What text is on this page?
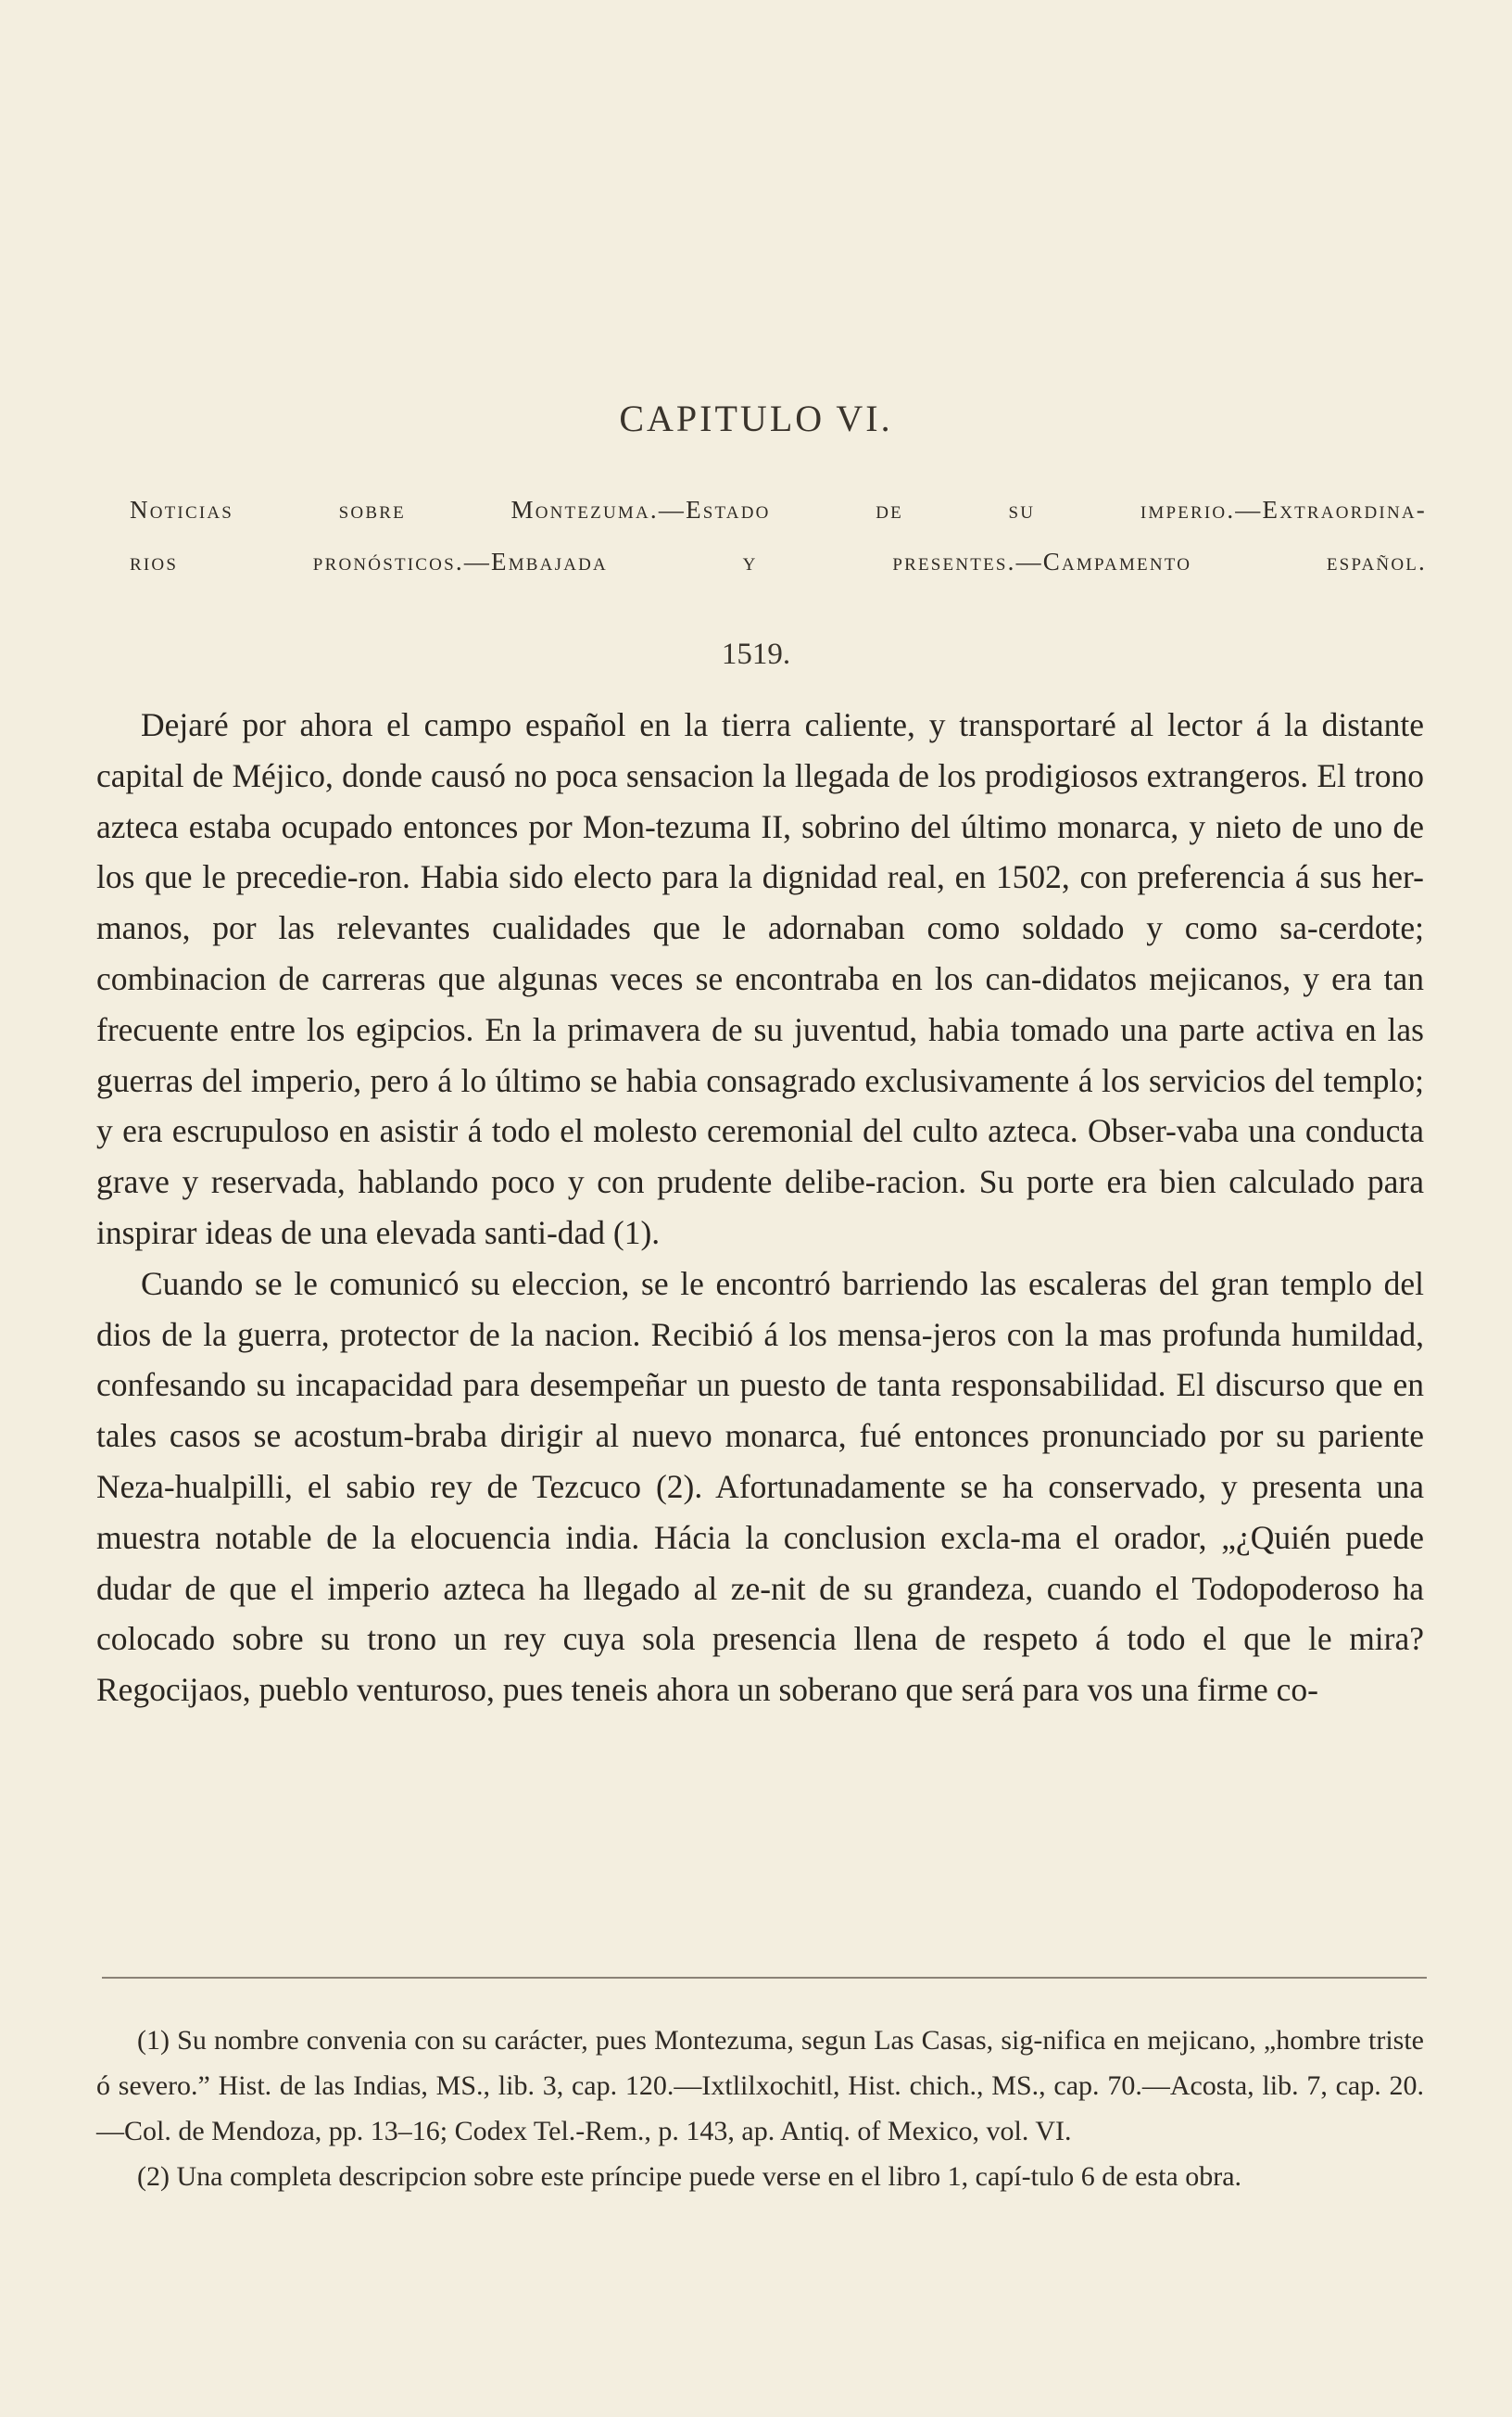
CAPITULO VI.
Noticias sobre Montezuma.—Estado de su imperio.—Extraordina-
rios pronósticos.—Embajada y presentes.—Campamento español.
1519.

Dejaré por ahora el campo español en la tierra caliente, y transportaré al lector á la distante capital de Méjico, donde causó no poca sensacion la llegada de los prodigiosos extrangeros. El trono azteca estaba ocupado entonces por Mon-tezuma II, sobrino del último monarca, y nieto de uno de los que le precedie-ron. Habia sido electo para la dignidad real, en 1502, con preferencia á sus her-manos, por las relevantes cualidades que le adornaban como soldado y como sa-cerdote; combinacion de carreras que algunas veces se encontraba en los can-didatos mejicanos, y era tan frecuente entre los egipcios. En la primavera de su juventud, habia tomado una parte activa en las guerras del imperio, pero á lo último se habia consagrado exclusivamente á los servicios del templo; y era escrupuloso en asistir á todo el molesto ceremonial del culto azteca. Obser-vaba una conducta grave y reservada, hablando poco y con prudente delibe-racion. Su porte era bien calculado para inspirar ideas de una elevada santi-dad (1).

Cuando se le comunicó su eleccion, se le encontró barriendo las escaleras del gran templo del dios de la guerra, protector de la nacion. Recibió á los mensa-jeros con la mas profunda humildad, confesando su incapacidad para desempeñar un puesto de tanta responsabilidad. El discurso que en tales casos se acostum-braba dirigir al nuevo monarca, fué entonces pronunciado por su pariente Neza-hualpilli, el sabio rey de Tezcuco (2). Afortunadamente se ha conservado, y presenta una muestra notable de la elocuencia india. Hácia la conclusion excla-ma el orador, „¿Quién puede dudar de que el imperio azteca ha llegado al ze-nit de su grandeza, cuando el Todopoderoso ha colocado sobre su trono un rey cuya sola presencia llena de respeto á todo el que le mira? Regocijaos, pueblo venturoso, pues teneis ahora un soberano que será para vos una firme co-

(1) Su nombre convenia con su carácter, pues Montezuma, segun Las Casas, sig-nifica en mejicano, „hombre triste ó severo.” Hist. de las Indias, MS., lib. 3, cap. 120.—Ixtlilxochitl, Hist. chich., MS., cap. 70.—Acosta, lib. 7, cap. 20.—Col. de Mendoza, pp. 13–16; Codex Tel.-Rem., p. 143, ap. Antiq. of Mexico, vol. VI.

(2) Una completa descripcion sobre este príncipe puede verse en el libro 1, capí-tulo 6 de esta obra.
